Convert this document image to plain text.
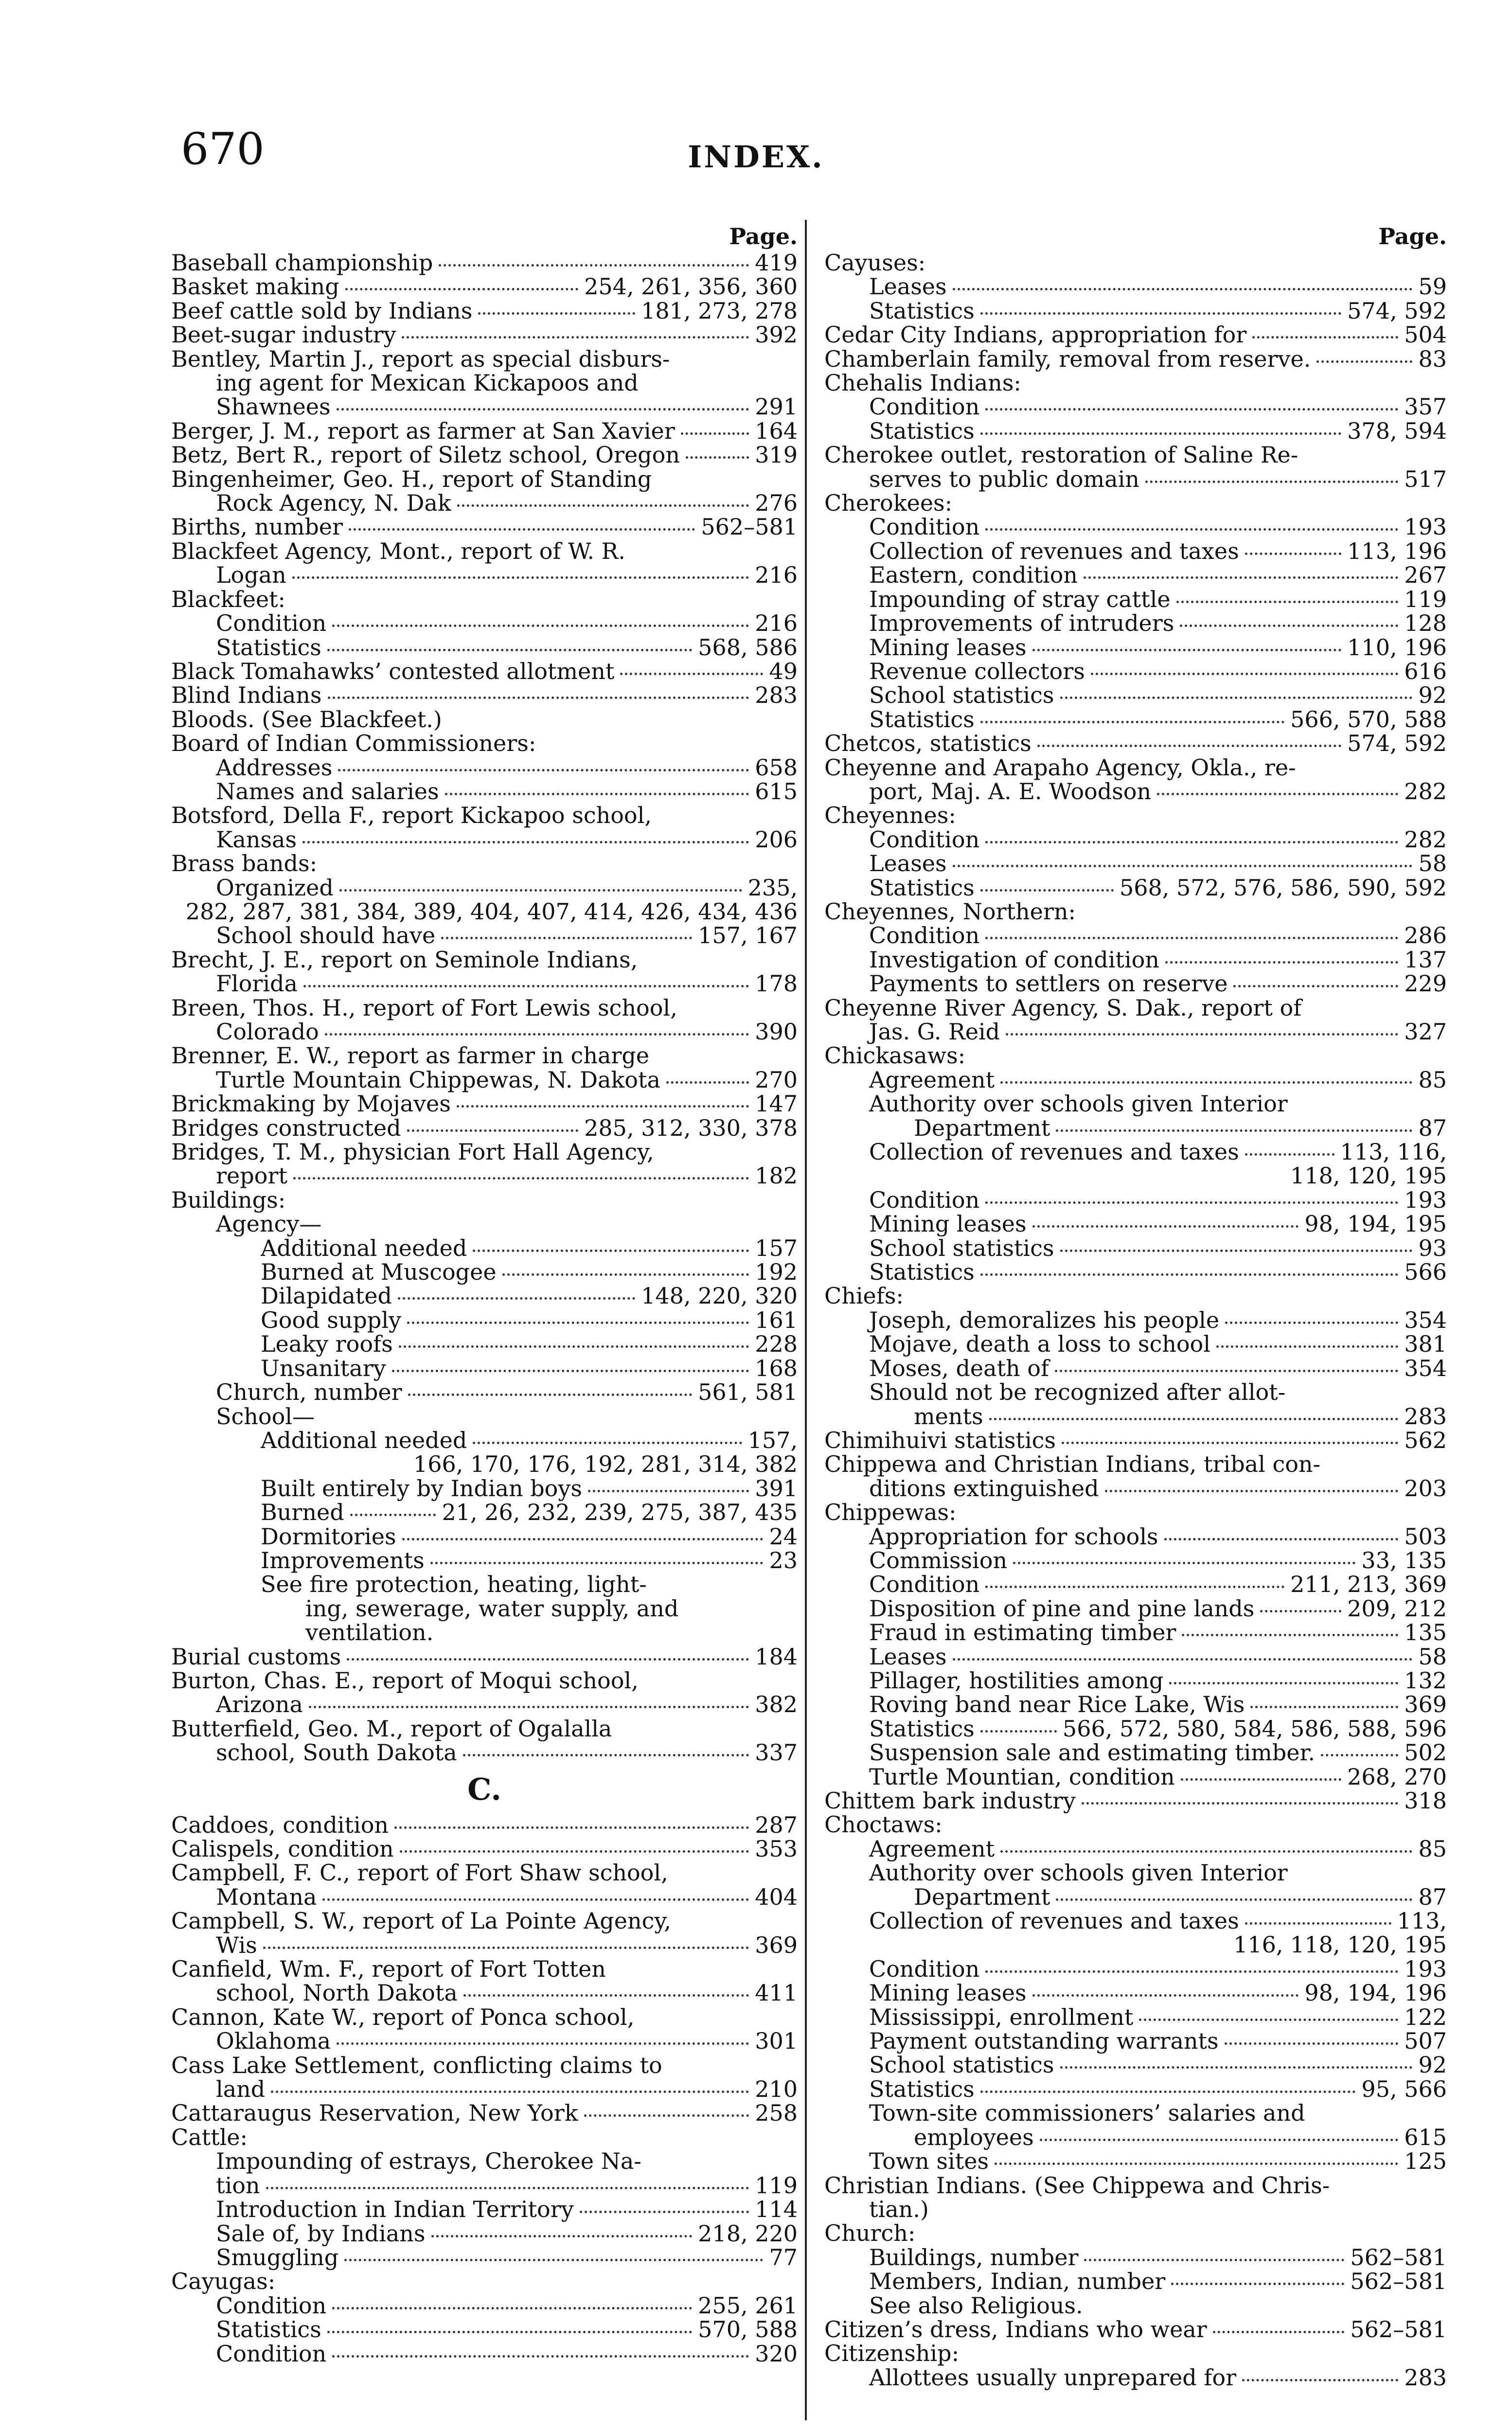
670	INDEX.
Page.
Baseball championship	419
Basket making	254, 261, 356, 360
Beef cattle sold by Indians	181, 273, 278
Beet-sugar industry	392
Bentley, Martin J., report as special disburs-
ing agent for Mexican Kickapoos and
Shawnees	291
Berger, J. M., report as farmer at San Xavier	164
Betz, Bert R., report of Siletz school, Oregon	319
Bingenheimer, Geo. H., report of Standing
Rock Agency, N. Dak	276
Births, number	562–581
Blackfeet Agency, Mont., report of W. R.
Logan	216
Blackfeet:
Condition	216
Statistics	568, 586
Black Tomahawks’ contested allotment	49
Blind Indians	283
Bloods. (See Blackfeet.)
Board of Indian Commissioners:
Addresses	658
Names and salaries	615
Botsford, Della F., report Kickapoo school,
Kansas	206
Brass bands:
Organized	235,
282, 287, 381, 384, 389, 404, 407, 414, 426, 434, 436
School should have	157, 167
Brecht, J. E., report on Seminole Indians,
Florida	178
Breen, Thos. H., report of Fort Lewis school,
Colorado	390
Brenner, E. W., report as farmer in charge
Turtle Mountain Chippewas, N. Dakota	270
Brickmaking by Mojaves	147
Bridges constructed	285, 312, 330, 378
Bridges, T. M., physician Fort Hall Agency,
report	182
Buildings:
Agency—
Additional needed	157
Burned at Muscogee	192
Dilapidated	148, 220, 320
Good supply	161
Leaky roofs	228
Unsanitary	168
Church, number	561, 581
School—
Additional needed	157,
166, 170, 176, 192, 281, 314, 382
Built entirely by Indian boys	391
Burned	21, 26, 232, 239, 275, 387, 435
Dormitories	24
Improvements	23
See fire protection, heating, light-
ing, sewerage, water supply, and
ventilation.
Burial customs	184
Burton, Chas. E., report of Moqui school,
Arizona	382
Butterfield, Geo. M., report of Ogalalla
school, South Dakota	337
C.
Caddoes, condition	287
Calispels, condition	353
Campbell, F. C., report of Fort Shaw school,
Montana	404
Campbell, S. W., report of La Pointe Agency,
Wis	369
Canfield, Wm. F., report of Fort Totten
school, North Dakota	411
Cannon, Kate W., report of Ponca school,
Oklahoma	301
Cass Lake Settlement, conflicting claims to
land	210
Cattaraugus Reservation, New York	258
Cattle:
Impounding of estrays, Cherokee Na-
tion	119
Introduction in Indian Territory	114
Sale of, by Indians	218, 220
Smuggling	77
Cayugas:
Condition	255, 261
Statistics	570, 588
Condition	320
Page.
Cayuses:
Leases	59
Statistics	574, 592
Cedar City Indians, appropriation for	504
Chamberlain family, removal from reserve.	83
Chehalis Indians:
Condition	357
Statistics	378, 594
Cherokee outlet, restoration of Saline Re-
serves to public domain	517
Cherokees:
Condition	193
Collection of revenues and taxes	113, 196
Eastern, condition	267
Impounding of stray cattle	119
Improvements of intruders	128
Mining leases	110, 196
Revenue collectors	616
School statistics	92
Statistics	566, 570, 588
Chetcos, statistics	574, 592
Cheyenne and Arapaho Agency, Okla., re-
port, Maj. A. E. Woodson	282
Cheyennes:
Condition	282
Leases	58
Statistics	568, 572, 576, 586, 590, 592
Cheyennes, Northern:
Condition	286
Investigation of condition	137
Payments to settlers on reserve	229
Cheyenne River Agency, S. Dak., report of
Jas. G. Reid	327
Chickasaws:
Agreement	85
Authority over schools given Interior
Department	87
Collection of revenues and taxes	113, 116,
118, 120, 195
Condition	193
Mining leases	98, 194, 195
School statistics	93
Statistics	566
Chiefs:
Joseph, demoralizes his people	354
Mojave, death a loss to school	381
Moses, death of	354
Should not be recognized after allot-
ments	283
Chimihuivi statistics	562
Chippewa and Christian Indians, tribal con-
ditions extinguished	203
Chippewas:
Appropriation for schools	503
Commission	33, 135
Condition	211, 213, 369
Disposition of pine and pine lands	209, 212
Fraud in estimating timber	135
Leases	58
Pillager, hostilities among	132
Roving band near Rice Lake, Wis	369
Statistics	566, 572, 580, 584, 586, 588, 596
Suspension sale and estimating timber.	502
Turtle Mountian, condition	268, 270
Chittem bark industry	318
Choctaws:
Agreement	85
Authority over schools given Interior
Department	87
Collection of revenues and taxes	113,
116, 118, 120, 195
Condition	193
Mining leases	98, 194, 196
Mississippi, enrollment	122
Payment outstanding warrants	507
School statistics	92
Statistics	95, 566
Town-site commissioners’ salaries and
employees	615
Town sites	125
Christian Indians. (See Chippewa and Chris-
tian.)
Church:
Buildings, number	562–581
Members, Indian, number	562–581
See also Religious.
Citizen’s dress, Indians who wear	562–581
Citizenship:
Allottees usually unprepared for	283
